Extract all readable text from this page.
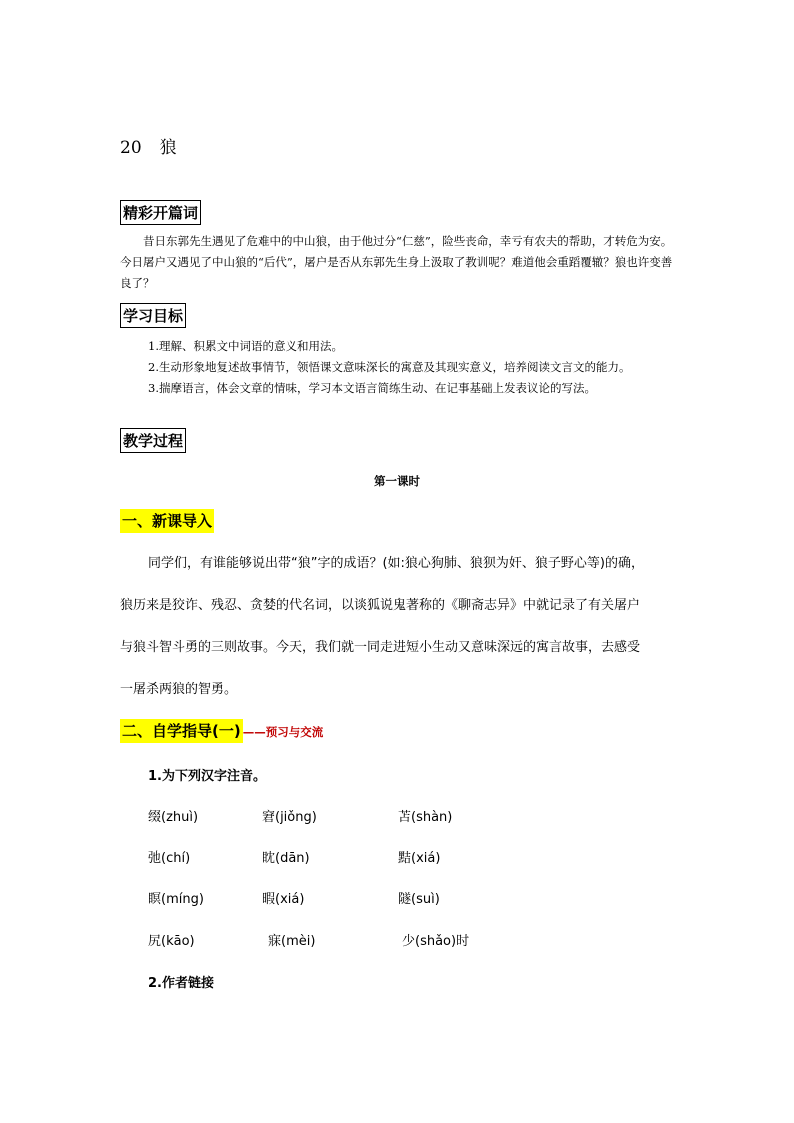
20 狼
精彩开篇词
昔日东郭先生遇见了危难中的中山狼，由于他过分“仁慈”，险些丧命，幸亏有农夫的帮助，才转危为安。今日屠户又遇见了中山狼的“后代”，屠户是否从东郭先生身上汲取了教训呢？难道他会重蹈覆辙？狼也许变善良了？
学习目标
1.理解、积累文中词语的意义和用法。
2.生动形象地复述故事情节，领悟课文意味深长的寓意及其现实意义，培养阅读文言文的能力。
3.揣摩语言，体会文章的情味，学习本文语言简练生动、在记事基础上发表议论的写法。
教学过程
第一课时
一、新课导入
同学们，有谁能够说出带“狼”字的成语？(如:狼心狗肺、狼狈为奸、狼子野心等)的确，
狼历来是狡诈、残忍、贪婪的代名词，以谈狐说鬼著称的《聊斋志异》中就记录了有关屠户
与狼斗智斗勇的三则故事。今天，我们就一同走进短小生动又意味深远的寓言故事，去感受
一屠杀两狼的智勇。
二、自学指导(一) ——预习与交流
1.为下列汉字注音。
缀(zhuì)	窘(jiǒng)	苫(shàn)
弛(chí)	眈(dān)	黠(xiá)
瞑(míng)	暇(xiá)	隧(suì)
尻(kāo)	寐(mèi)	少(shǎo)时
2.作者链接
